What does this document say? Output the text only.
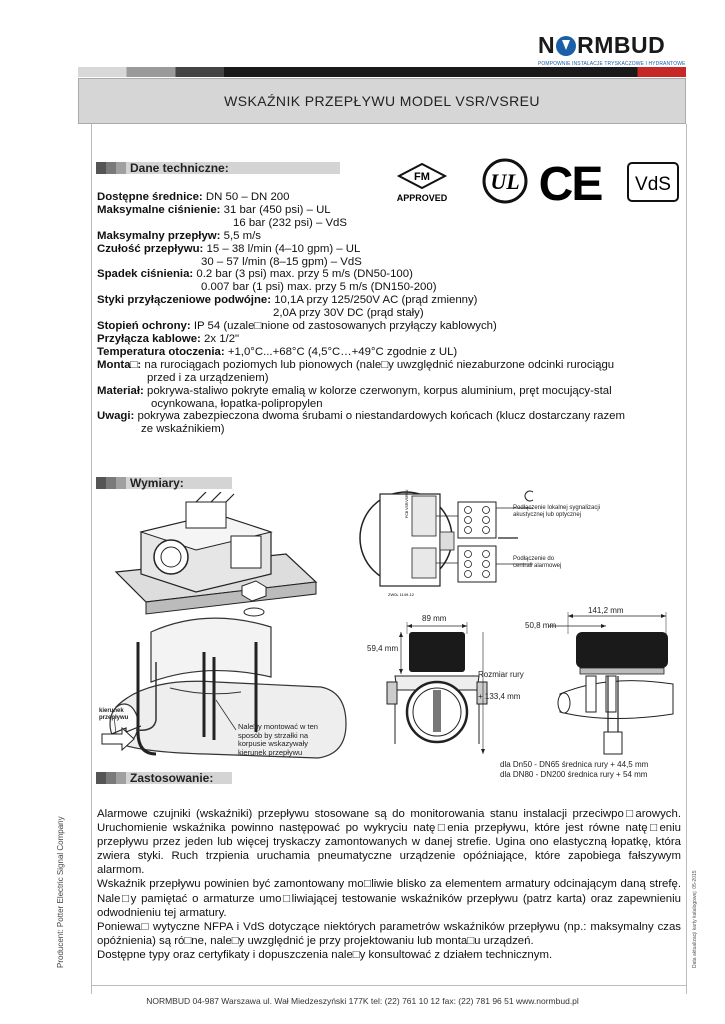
N RMBUD
POMPOWNIE INSTALACJE TRYSKACZOWE I HYDRANTOWE
WSKAŹNIK PRZEPŁYWU MODEL VSR/VSREU
Dane techniczne:
FM
APPROVED
UL CE VdS
Dostępne średnice: DN 50 – DN 200
Maksymalne ciśnienie: 31 bar (450 psi) – UL
16 bar (232 psi) – VdS
Maksymalny przepływ: 5,5 m/s
Czułość przepływu: 15 – 38 l/min (4–10 gpm) – UL
30 – 57 l/min (8–15 gpm) – VdS
Spadek ciśnienia: 0.2 bar (3 psi) max. przy 5 m/s (DN50-100)
0.007 bar (1 psi) max. przy 5 m/s (DN150-200)
Styki przyłączeniowe podwójne: 10,1A przy 125/250V AC (prąd zmienny)
2,0A przy 30V DC (prąd stały)
Stopień ochrony: IP 54 (uzale□nione od zastosowanych przyłączy kablowych)
Przyłącza kablowe: 2x 1/2"
Temperatura otoczenia: +1,0°C...+68°C (4,5°C…+49°C zgodnie z UL)
Monta□: na rurociągach poziomych lub pionowych (nale□y uwzględnić niezaburzone odcinki rurociągu
przed i za urządzeniem)
Materiał: pokrywa-staliwo pokryte emalią w kolorze czerwonym, korpus aluminium, pręt mocujący-stal
ocynkowana, łopatka-polipropylen
Uwagi: pokrywa zabezpieczona dwoma śrubami o niestandardowych końcach (klucz dostarczany razem
ze wskaźnikiem)
Wymiary:
kierunek przepływu
Nale□y montować w ten sposób by strzałki na korpusie wskazywały kierunek przepływu
PCB VSR/VSREU
ZW0L 1149-12
Podłączenie lokalnej sygnalizacji akustycznej lub optycznej
Podłączenie do centrali alarmowej
89 mm
59,4 mm
Rozmiar rury
+ 133,4 mm
141,2 mm
50,8 mm
dla Dn50 - DN65 średnica rury + 44,5 mm
dla DN80 - DN200 średnica rury + 54 mm
Zastosowanie:

Alarmowe czujniki (wskaźniki) przepływu stosowane są do monitorowania stanu instalacji przeciwpo□arowych. Uruchomienie wskaźnika powinno następować po wykryciu natę□enia przepływu, które jest równe natę□eniu przepływu przez jeden lub więcej tryskaczy zamontowanych w danej strefie. Ugina ono elastyczną łopatkę, która zwiera styki. Ruch trzpienia uruchamia pneumatyczne urządzenie opóźniające, które zapobiega fałszywym alarmom.

Wskaźnik przepływu powinien być zamontowany mo□liwie blisko za elementem armatury odcinającym daną strefę. Nale□y pamiętać o armaturze umo□liwiającej testowanie wskaźników przepływu (patrz karta) oraz zapewnieniu odwodnieniu tej armatury.

Poniewa□ wytyczne NFPA i VdS dotyczące niektórych parametrów wskaźników przepływu (np.: maksymalny czas opóźnienia) są ró□ne, nale□y uwzględnić je przy projektowaniu lub monta□u urządzeń.

Dostępne typy oraz certyfikaty i dopuszczenia nale□y konsultować z działem technicznym.

Producent: Potter Electric Signal Company	Data aktualizacji karty katalogowej: 05-2015
NORMBUD 04-987 Warszawa ul. Wał Miedzeszyński 177K tel: (22) 761 10 12 fax: (22) 781 96 51 www.normbud.pl
